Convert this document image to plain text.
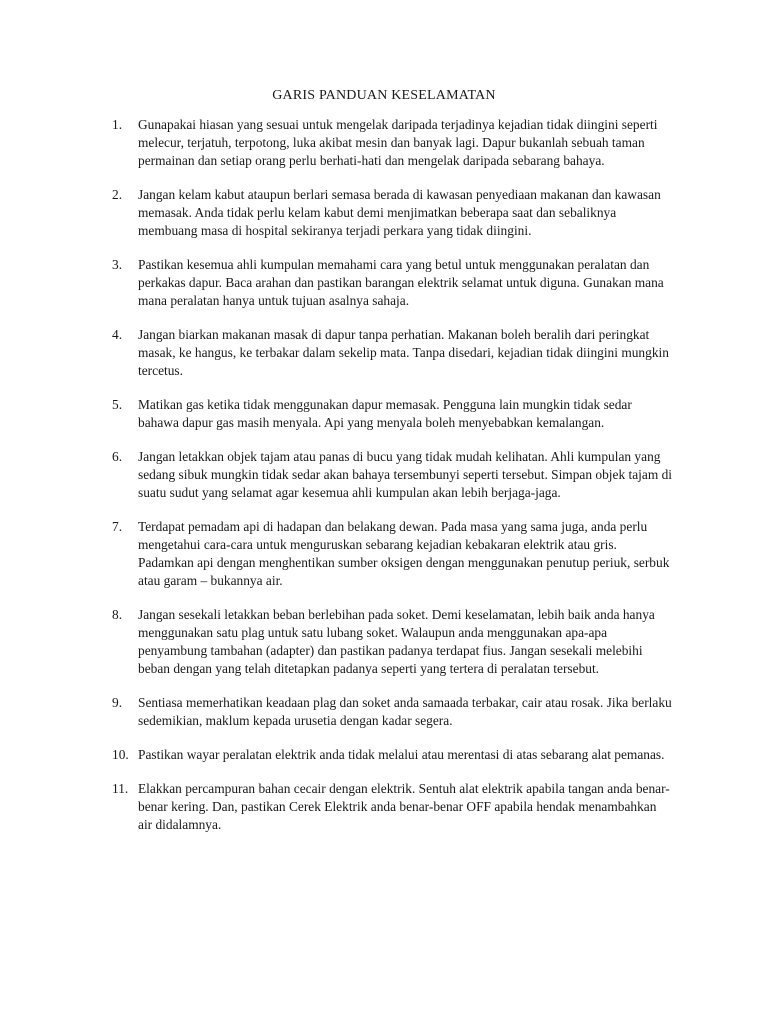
GARIS PANDUAN KESELAMATAN
1.	Gunapakai hiasan yang sesuai untuk mengelak daripada terjadinya kejadian tidak diingini seperti melecur, terjatuh, terpotong, luka akibat mesin dan banyak lagi. Dapur bukanlah sebuah taman permainan dan setiap orang perlu berhati-hati dan mengelak daripada sebarang bahaya.
2.	Jangan kelam kabut ataupun berlari semasa berada di kawasan penyediaan makanan dan kawasan memasak. Anda tidak perlu kelam kabut demi menjimatkan beberapa saat dan sebaliknya membuang masa di hospital sekiranya terjadi perkara yang tidak diingini.
3.	Pastikan kesemua ahli kumpulan memahami cara yang betul untuk menggunakan peralatan dan perkakas dapur. Baca arahan dan pastikan barangan elektrik selamat untuk diguna. Gunakan mana mana peralatan hanya untuk tujuan asalnya sahaja.
4.	Jangan biarkan makanan masak di dapur tanpa perhatian. Makanan boleh beralih dari peringkat masak, ke hangus, ke terbakar dalam sekelip mata. Tanpa disedari, kejadian tidak diingini mungkin tercetus.
5.	Matikan gas ketika tidak menggunakan dapur memasak. Pengguna lain mungkin tidak sedar bahawa dapur gas masih menyala. Api yang menyala boleh menyebabkan kemalangan.
6.	Jangan letakkan objek tajam atau panas di bucu yang tidak mudah kelihatan. Ahli kumpulan yang sedang sibuk mungkin tidak sedar akan bahaya tersembunyi seperti tersebut. Simpan objek tajam di suatu sudut yang selamat agar kesemua ahli kumpulan akan lebih berjaga-jaga.
7.	Terdapat pemadam api di hadapan dan belakang dewan. Pada masa yang sama juga, anda perlu mengetahui cara-cara untuk menguruskan sebarang kejadian kebakaran elektrik atau gris. Padamkan api dengan menghentikan sumber oksigen dengan menggunakan penutup periuk, serbuk atau garam – bukannya air.
8.	Jangan sesekali letakkan beban berlebihan pada soket. Demi keselamatan, lebih baik anda hanya menggunakan satu plag untuk satu lubang soket. Walaupun anda menggunakan apa-apa penyambung tambahan (adapter) dan pastikan padanya terdapat fius. Jangan sesekali melebihi beban dengan yang telah ditetapkan padanya seperti yang tertera di peralatan tersebut.
9.	Sentiasa memerhatikan keadaan plag dan soket anda samaada terbakar, cair atau rosak. Jika berlaku sedemikian, maklum kepada urusetia dengan kadar segera.
10. Pastikan wayar peralatan elektrik anda tidak melalui atau merentasi di atas sebarang alat pemanas.
11. Elakkan percampuran bahan cecair dengan elektrik. Sentuh alat elektrik apabila tangan anda benar-benar kering. Dan, pastikan Cerek Elektrik anda benar-benar OFF apabila hendak menambahkan air didalamnya.
